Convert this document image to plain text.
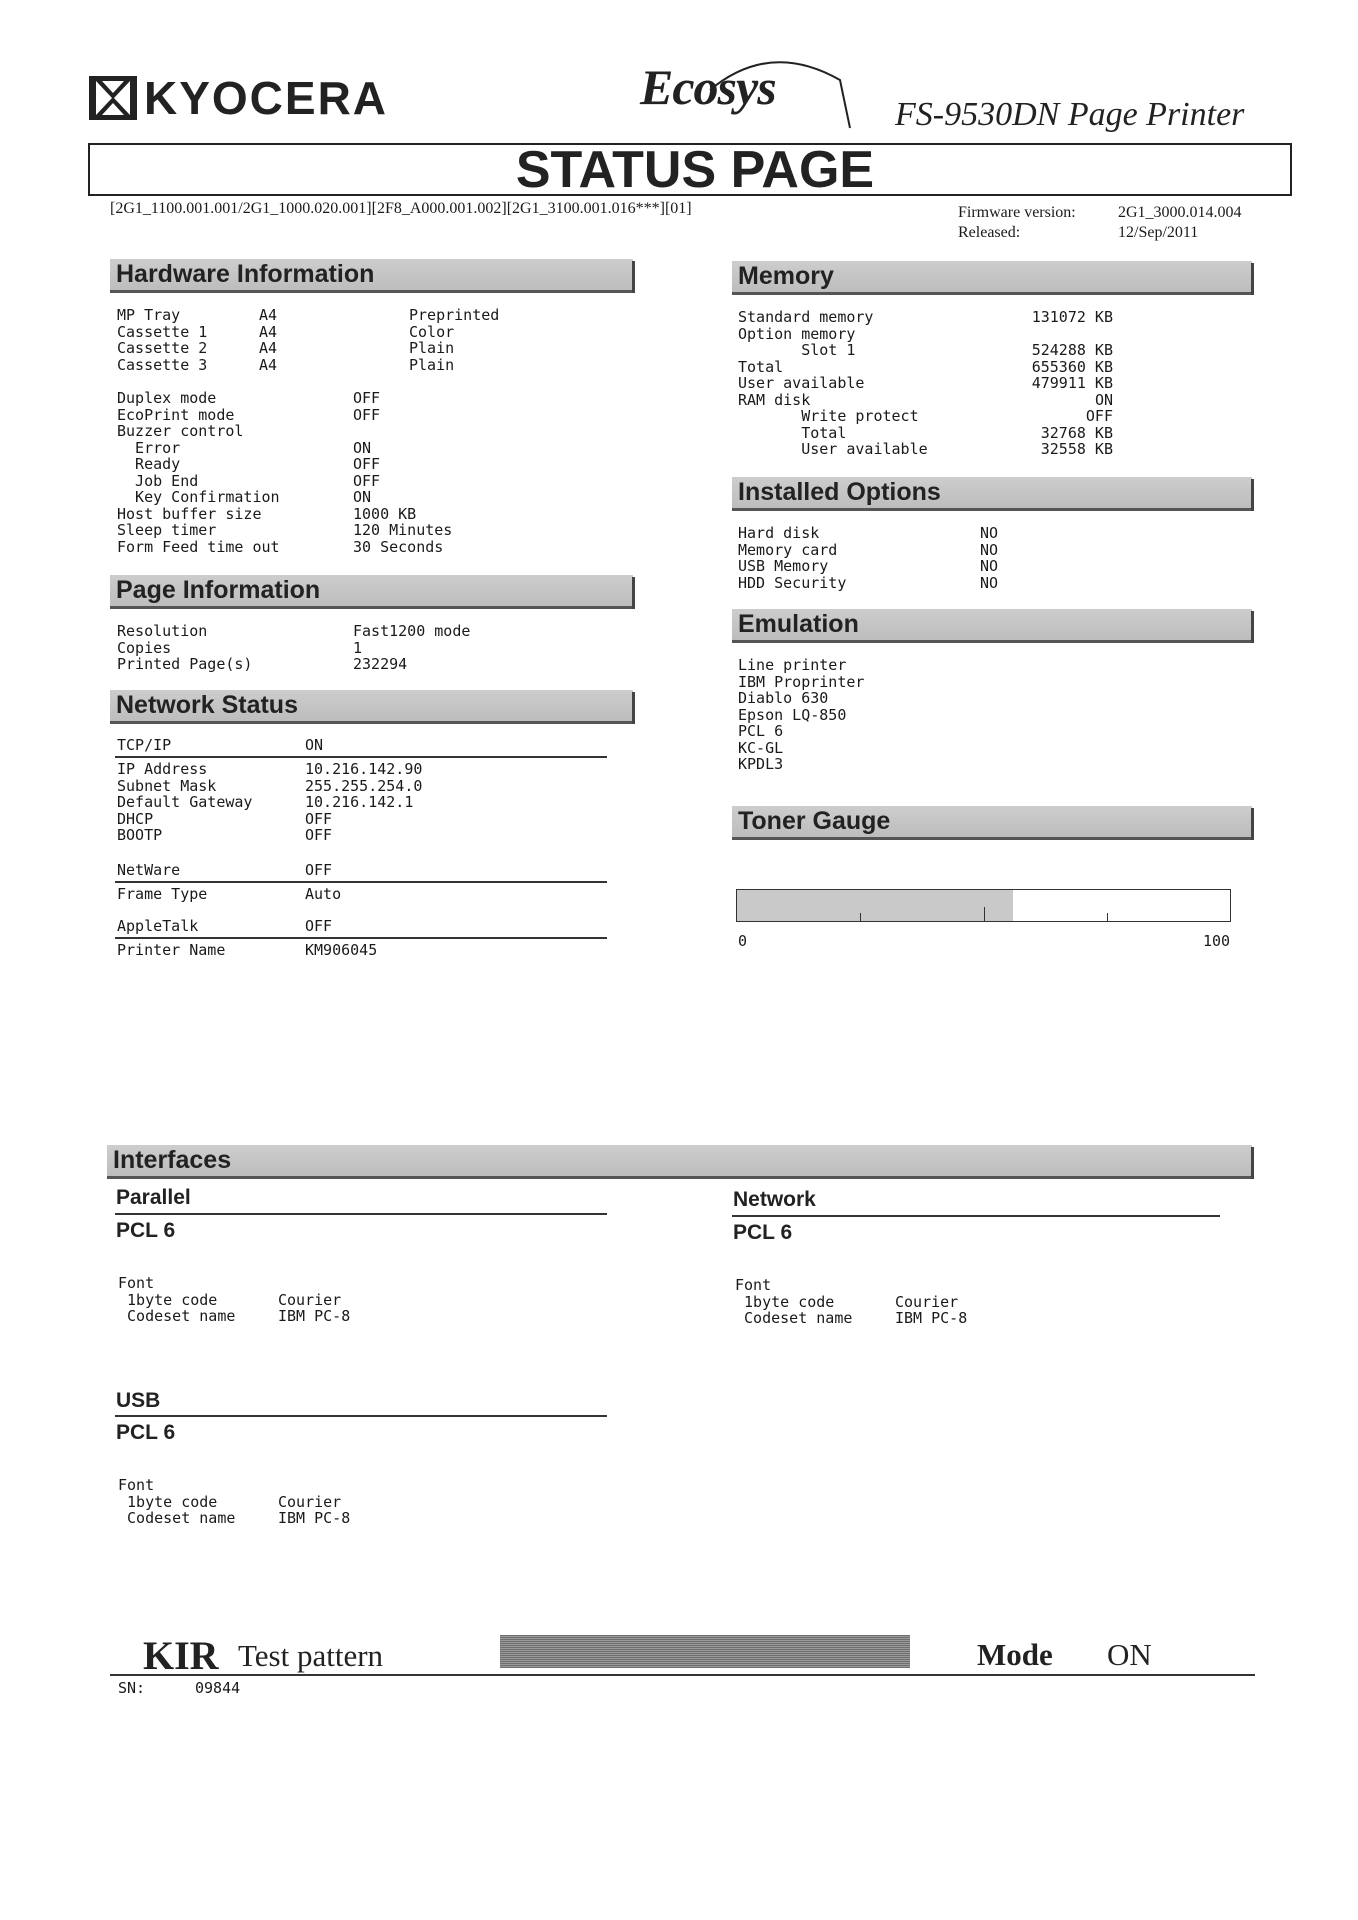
KYOCERA	Ecosys	FS-9530DN Page Printer
STATUS PAGE
[2G1_1100.001.001/2G1_1000.020.001][2F8_A000.001.002][2G1_3100.001.016***][01]	Firmware version:	2G1_3000.014.004
Released:	12/Sep/2011
Hardware Information
MP Tray	A4	Preprinted
Cassette 1	A4	Color
Cassette 2	A4	Plain
Cassette 3	A4	Plain
Duplex mode	OFF
EcoPrint mode	OFF
Buzzer control
Error	ON
Ready	OFF
Job End	OFF
Key Confirmation	ON
Host buffer size	1000 KB
Sleep timer	120 Minutes
Form Feed time out	30 Seconds
Page Information
Resolution	Fast1200 mode
Copies	1
Printed Page(s)	232294
Network Status
TCP/IP	ON
IP Address	10.216.142.90
Subnet Mask	255.255.254.0
Default Gateway	10.216.142.1
DHCP	OFF
BOOTP	OFF
NetWare	OFF
Frame Type	Auto
AppleTalk	OFF
Printer Name	KM906045
Memory
Standard memory	131072 KB
Option memory
Slot 1	524288 KB
Total	655360 KB
User available	479911 KB
RAM disk	ON
Write protect	OFF
Total	32768 KB
User available	32558 KB
Installed Options
Hard disk	NO
Memory card	NO
USB Memory	NO
HDD Security	NO
Emulation
Line printer
IBM Proprinter
Diablo 630
Epson LQ-850
PCL 6
KC-GL
KPDL3
Toner Gauge
0	100
Interfaces
Parallel
PCL 6
Font
1byte code	Courier
Codeset name	IBM PC-8
Network
PCL 6
Font
1byte code	Courier
Codeset name	IBM PC-8
USB
PCL 6
Font
1byte code	Courier
Codeset name	IBM PC-8
KIR Test pattern	Mode ON
SN:	09844
